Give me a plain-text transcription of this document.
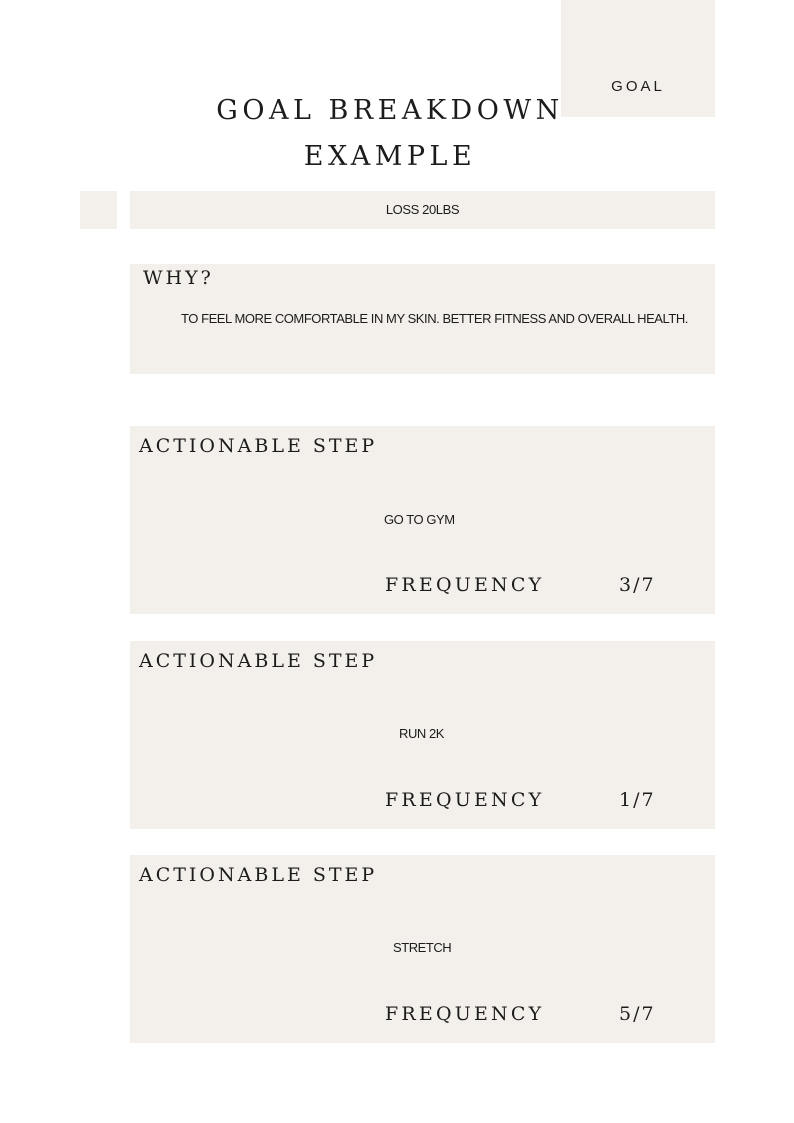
GOAL
GOAL BREAKDOWN
EXAMPLE
LOSS 20LBS
WHY?
TO FEEL MORE COMFORTABLE IN MY SKIN. BETTER FITNESS AND OVERALL HEALTH.
ACTIONABLE STEP
GO TO GYM
FREQUENCY	3/7
ACTIONABLE STEP
RUN 2K
FREQUENCY	1/7
ACTIONABLE STEP
STRETCH
FREQUENCY	5/7
